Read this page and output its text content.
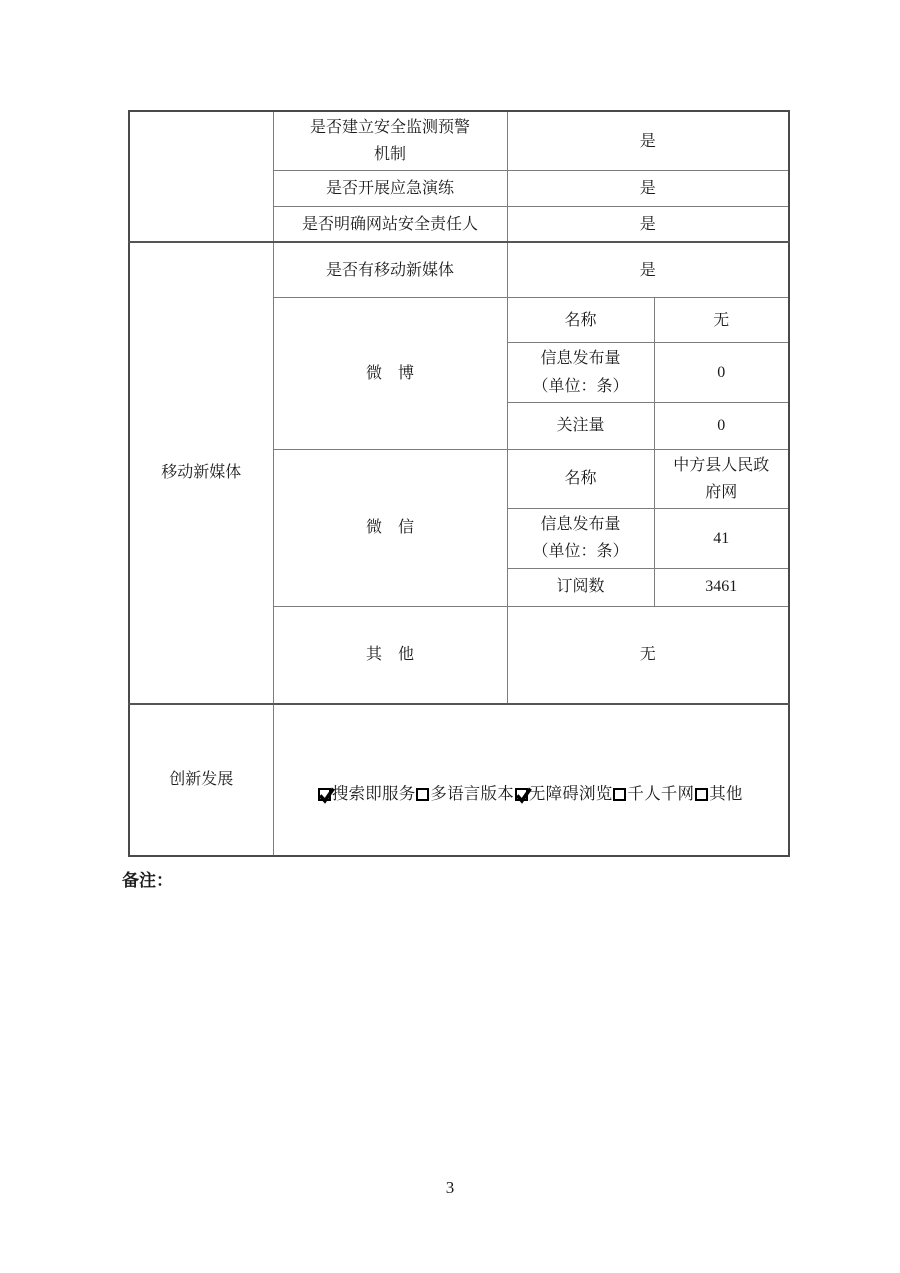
	是否建立安全监测预警
机制	是	
	是否开展应急演练	是	
	是否明确网站安全责任人	是	
移动新媒体	是否有移动新媒体	是	
	微　博	名称	无
		信息发布量
（单位：条）	0
		关注量	0
	微　信	名称	中方县人民政
府网
		信息发布量
（单位：条）	41
		订阅数	3461
	其　他	无	
创新发展	搜索即服务 多语言版本 无障碍浏览 千人千网 其他		

备注：
3
